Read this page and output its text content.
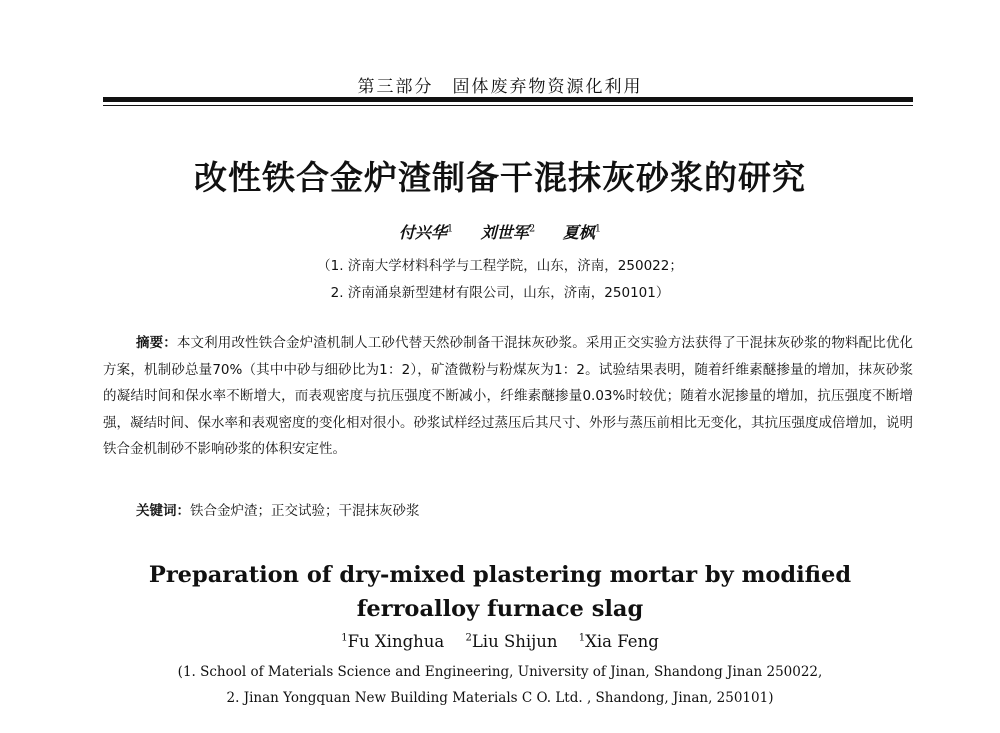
第三部分　固体废弃物资源化利用
改性铁合金炉渣制备干混抹灰砂浆的研究
付兴华$^1$ 刘世军$^2$ 夏枫$^1$
（1. 济南大学材料科学与工程学院，山东，济南，250022；
2. 济南涌泉新型建材有限公司，山东，济南，250101）
摘要：本文利用改性铁合金炉渣机制人工砂代替天然砂制备干混抹灰砂浆。采用正交实验方法获得了干混抹灰砂浆的物料配比优化方案，机制砂总量70%（其中中砂与细砂比为1：2），矿渣微粉与粉煤灰为1：2。试验结果表明，随着纤维素醚掺量的增加，抹灰砂浆的凝结时间和保水率不断增大，而表观密度与抗压强度不断减小，纤维素醚掺量0.03%时较优；随着水泥掺量的增加，抗压强度不断增强，凝结时间、保水率和表观密度的变化相对很小。砂浆试样经过蒸压后其尺寸、外形与蒸压前相比无变化，其抗压强度成倍增加，说明铁合金机制砂不影响砂浆的体积安定性。
关键词：铁合金炉渣；正交试验；干混抹灰砂浆
Preparation of dry-mixed plastering mortar by modified
ferroalloy furnace slag
$^1$Fu Xinghua $^2$Liu Shijun $^1$Xia Feng
(1. School of Materials Science and Engineering, University of Jinan, Shandong Jinan 250022,
2. Jinan Yongquan New Building Materials C O. Ltd. , Shandong, Jinan, 250101)
